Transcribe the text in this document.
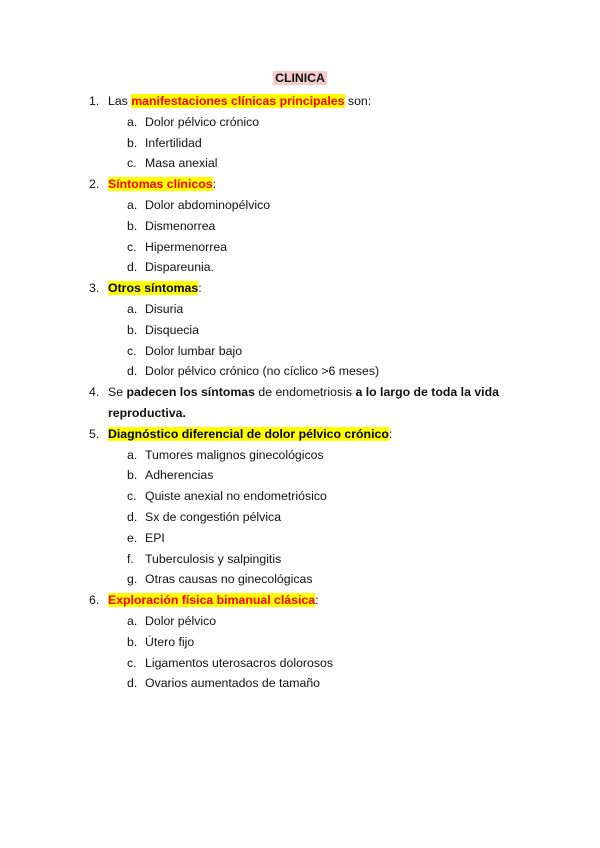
CLINICA
1. Las manifestaciones clínicas principales son:
a. Dolor pélvico crónico
b. Infertilidad
c. Masa anexial
2. Síntomas clínicos:
a. Dolor abdominopélvico
b. Dismenorrea
c. Hipermenorrea
d. Dispareunia.
3. Otros síntomas:
a. Disuria
b. Disquecia
c. Dolor lumbar bajo
d. Dolor pélvico crónico (no cíclico >6 meses)
4. Se padecen los síntomas de endometriosis a lo largo de toda la vida reproductiva.
5. Diagnóstico diferencial de dolor pélvico crónico:
a. Tumores malignos ginecológicos
b. Adherencias
c. Quiste anexial no endometriósico
d. Sx de congestión pélvica
e. EPI
f. Tuberculosis y salpingitis
g. Otras causas no ginecológicas
6. Exploración física bimanual clásica:
a. Dolor pélvico
b. Útero fijo
c. Ligamentos uterosacros dolorosos
d. Ovarios aumentados de tamaño
